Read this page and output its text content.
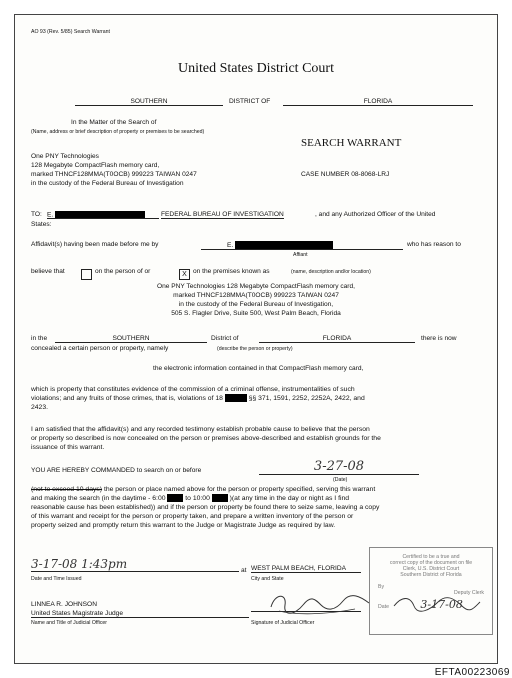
AO 93 (Rev. 5/85) Search Warrant
United States District Court
SOUTHERN	DISTRICT OF	FLORIDA
In the Matter of the Search of
(Name, address or brief description of property or premises to be searched)
One PNY Technologies
128 Megabyte CompactFlash memory card,
marked THNCF128MMA(T0OCB) 999223 TAIWAN 0247
in the custody of the Federal Bureau of Investigation
SEARCH WARRANT
CASE NUMBER 08-8068-LRJ
TO: E.	FEDERAL BUREAU OF INVESTIGATION	, and any Authorized Officer of the United
States:
Affidavit(s) having been made before me by	E.
Affiant
who has reason to
believe that	on the person of or	X on the premises known as	(name, description and/or location)
One PNY Technologies 128 Megabyte CompactFlash memory card,
marked THNCF128MMA(T0OCB) 999223 TAIWAN 0247
in the custody of the Federal Bureau of Investigation,
505 S. Flagler Drive, Suite 500, West Palm Beach, Florida
in the	SOUTHERN	District of	FLORIDA	there is now
concealed a certain person or property, namely	(describe the person or property)
the electronic information contained in that CompactFlash memory card,
which is property that constitutes evidence of the commission of a criminal offense, instrumentalities of such
violations; and any fruits of those crimes, that is, violations of 18	§§ 371, 1591, 2252, 2252A, 2422, and
2423.
I am satisfied that the affidavit(s) and any recorded testimony establish probable cause to believe that the person
or property so described is now concealed on the person or premises above-described and establish grounds for the
issuance of this warrant.
YOU ARE HEREBY COMMANDED to search on or before	3-27-08
(Date)
(not to exceed 10 days) the person or place named above for the person or property specified, serving this warrant
and making the search (in the daytime - 6:00	to 10:00	)(at any time in the day or night as I find
reasonable cause has been established)) and if the person or property be found there to seize same, leaving a copy
of this warrant and receipt for the person or property taken, and prepare a written inventory of the person or
property seized and promptly return this warrant to the Judge or Magistrate Judge as required by law.
3-17-08 1:43pm	at WEST PALM BEACH, FLORIDA
Date and Time Issued	City and State
LINNEA R. JOHNSON
United States Magistrate Judge
Name and Title of Judicial Officer	Signature of Judicial Officer
Certified to be a true and
correct copy of the document on file
Clerk, U.S. District Court
Southern District of Florida
By
Deputy Clerk
Date	3-17-08
EFTA00223069
